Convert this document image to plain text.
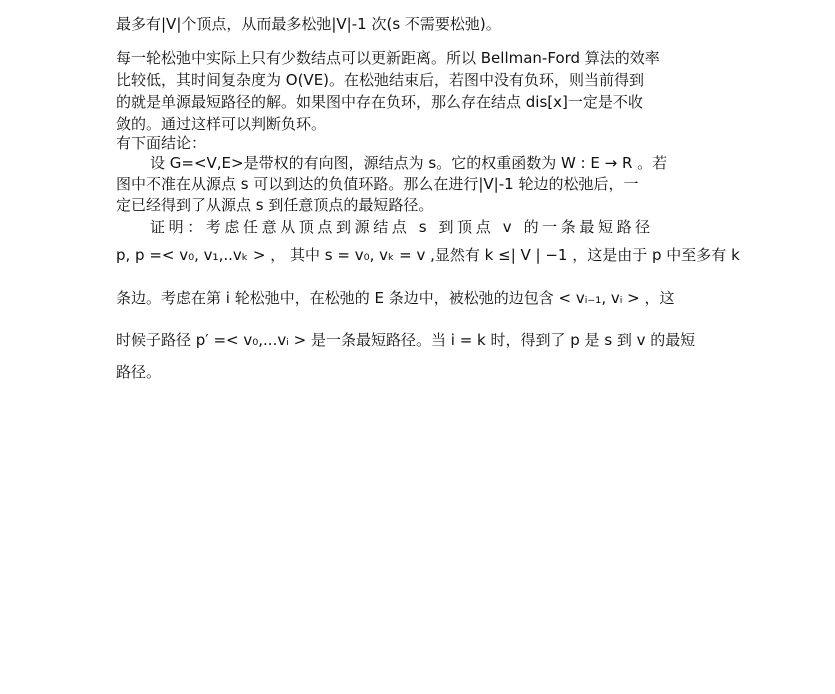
最多有|V|个顶点，从而最多松弛|V|-1 次(s 不需要松弛)。
每一轮松弛中实际上只有少数结点可以更新距离。所以 Bellman-Ford 算法的效率
比较低，其时间复杂度为 O(VE)。在松弛结束后，若图中没有负环，则当前得到
的就是单源最短路径的解。如果图中存在负环，那么存在结点 dis[x]一定是不收
敛的。通过这样可以判断负环。
有下面结论：
设 G=<V,E>是带权的有向图，源结点为 s。它的权重函数为 W : E → R 。若
图中不准在从源点 s 可以到达的负值环路。那么在进行|V|-1 轮边的松弛后，一
定已经得到了从源点 s 到任意顶点的最短路径。
证明：考虑任意从顶点到源结点 s 到顶点 v 的一条最短路径
p, p =< v₀, v₁,..vₖ > ， 其中 s = v₀, vₖ = v ,显然有 k ≤| V | −1 ，这是由于 p 中至多有 k
条边。考虑在第 i 轮松弛中，在松弛的 E 条边中，被松弛的边包含 < vᵢ₋₁, vᵢ > ，这
时候子路径 p′ =< v₀,...vᵢ > 是一条最短路径。当 i = k 时，得到了 p 是 s 到 v 的最短
路径。
